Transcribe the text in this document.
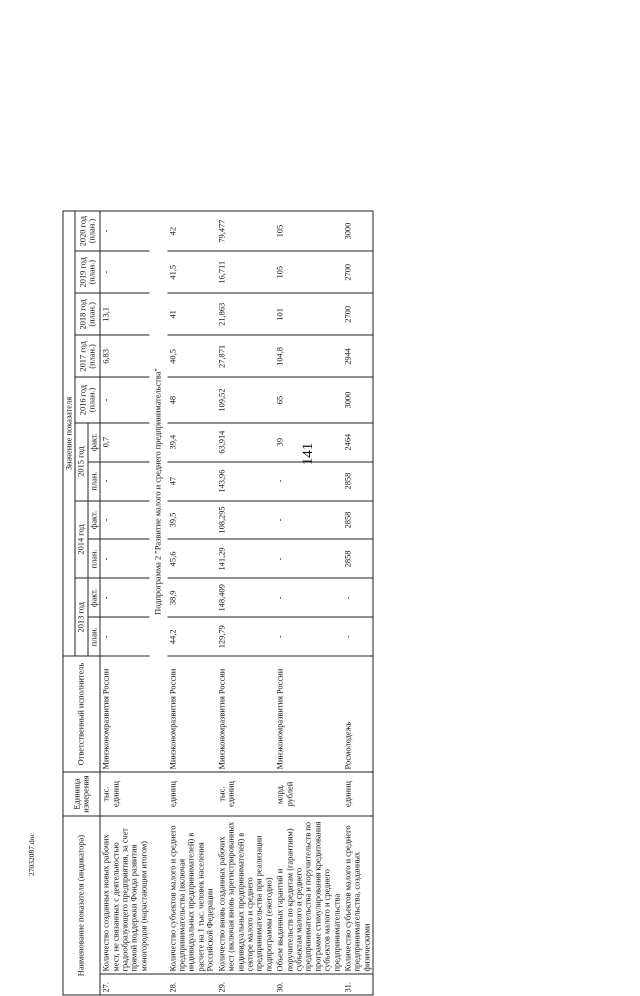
141
27032087.doc	Наименование показателя (индикатора)		Единица измерения	Ответственный исполнитель	Значение показателя										
				2013 год		2014 год		2015 год		2016 год (план.)	2017 год (план.)	2018 год (план.)	2019 год (план.)	2020 год (план.)
				план.	факт.	план.	факт.	план.	факт.					
27.	Количество созданных новых рабочих мест, не связанных с деятельностью градообразующего предприятия, за счет прямой поддержки Фонда развития моногородов (нарастающим итогом)	тыс. единиц	Минэкономразвития России	-	-	-	-	-	0,7	-	6,83	13,1	-	-
			Подпрограмма 2 "Развитие малого и среднего предпринимательства"											
28.	Количество субъектов малого и среднего предпринимательства (включая индивидуальных предпринимателей) в расчете на 1 тыс. человек населения Российской Федерации	единиц	Минэкономразвития России	44,2	38,9	45,6	39,5	47	39,4	48	40,5	41	41,5	42
29.	Количество вновь созданных рабочих мест (включая вновь зарегистрированных индивидуальных предпринимателей) в секторе малого и среднего предпринимательства при реализации подпрограммы (ежегодно)	тыс. единиц	Минэкономразвития России	129,79	148,409	141,29	108,295	143,96	63,914	109,52	27,871	21,863	16,711	79,477
30.	Объем выданных гарантий и поручительств по кредитам (гарантиям) субъектам малого и среднего предпринимательства и поручительств по программе стимулирования кредитования субъектов малого и среднего предпринимательства	млрд. рублей	Минэкономразвития России	-	-	-	-	-	39	65	104,8	101	105	105
31.	Количество субъектов малого и среднего предпринимательства, созданных физическими	единиц	Росмолодежь	-	-	2858	2858	2858	2464	3000	2944	2700	2700	3000
